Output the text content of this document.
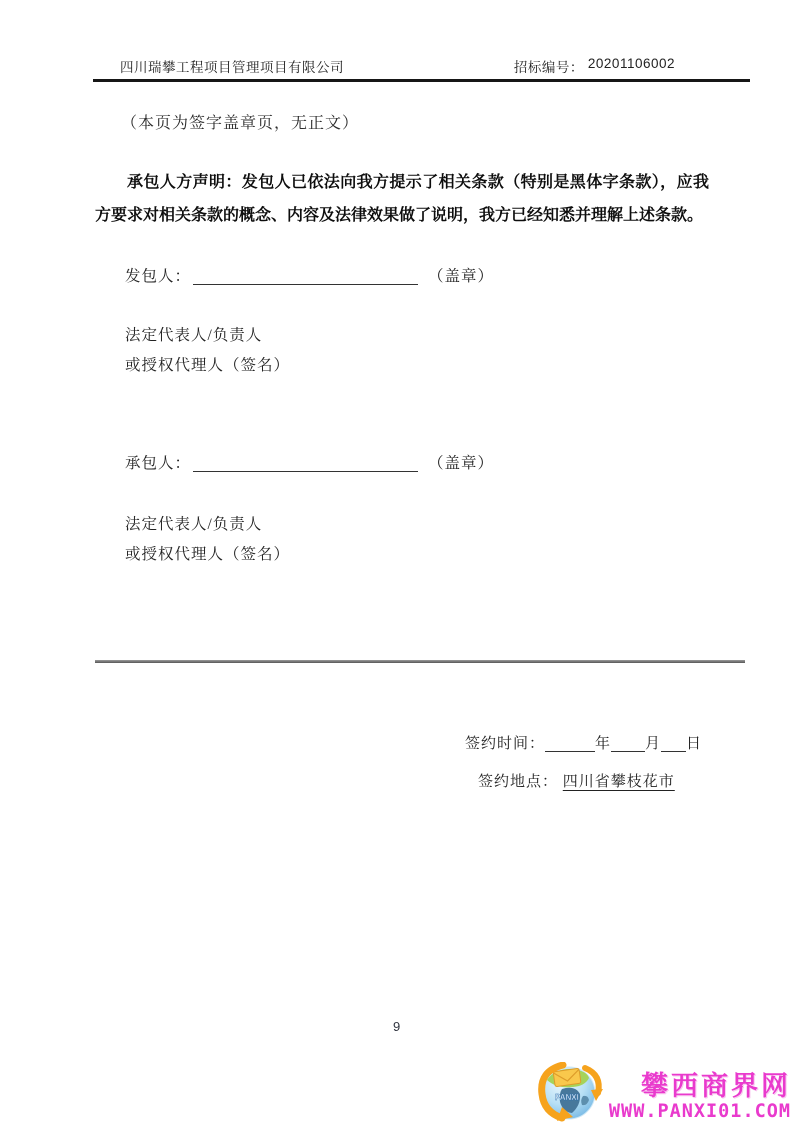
四川瑞攀工程项目管理项目有限公司	招标编号： 20201106002
（本页为签字盖章页，无正文）
承包人方声明：发包人已依法向我方提示了相关条款（特别是黑体字条款），应我方要求对相关条款的概念、内容及法律效果做了说明，我方已经知悉并理解上述条款。
发包人：	（盖章）
法定代表人/负责人
或授权代理人（签名）
承包人：	（盖章）
法定代表人/负责人
或授权代理人（签名）
签约时间：	年 月 日
签约地点： 四川省攀枝花市
9
PANXI 攀西商界网
WWW.PANXI01.COM
